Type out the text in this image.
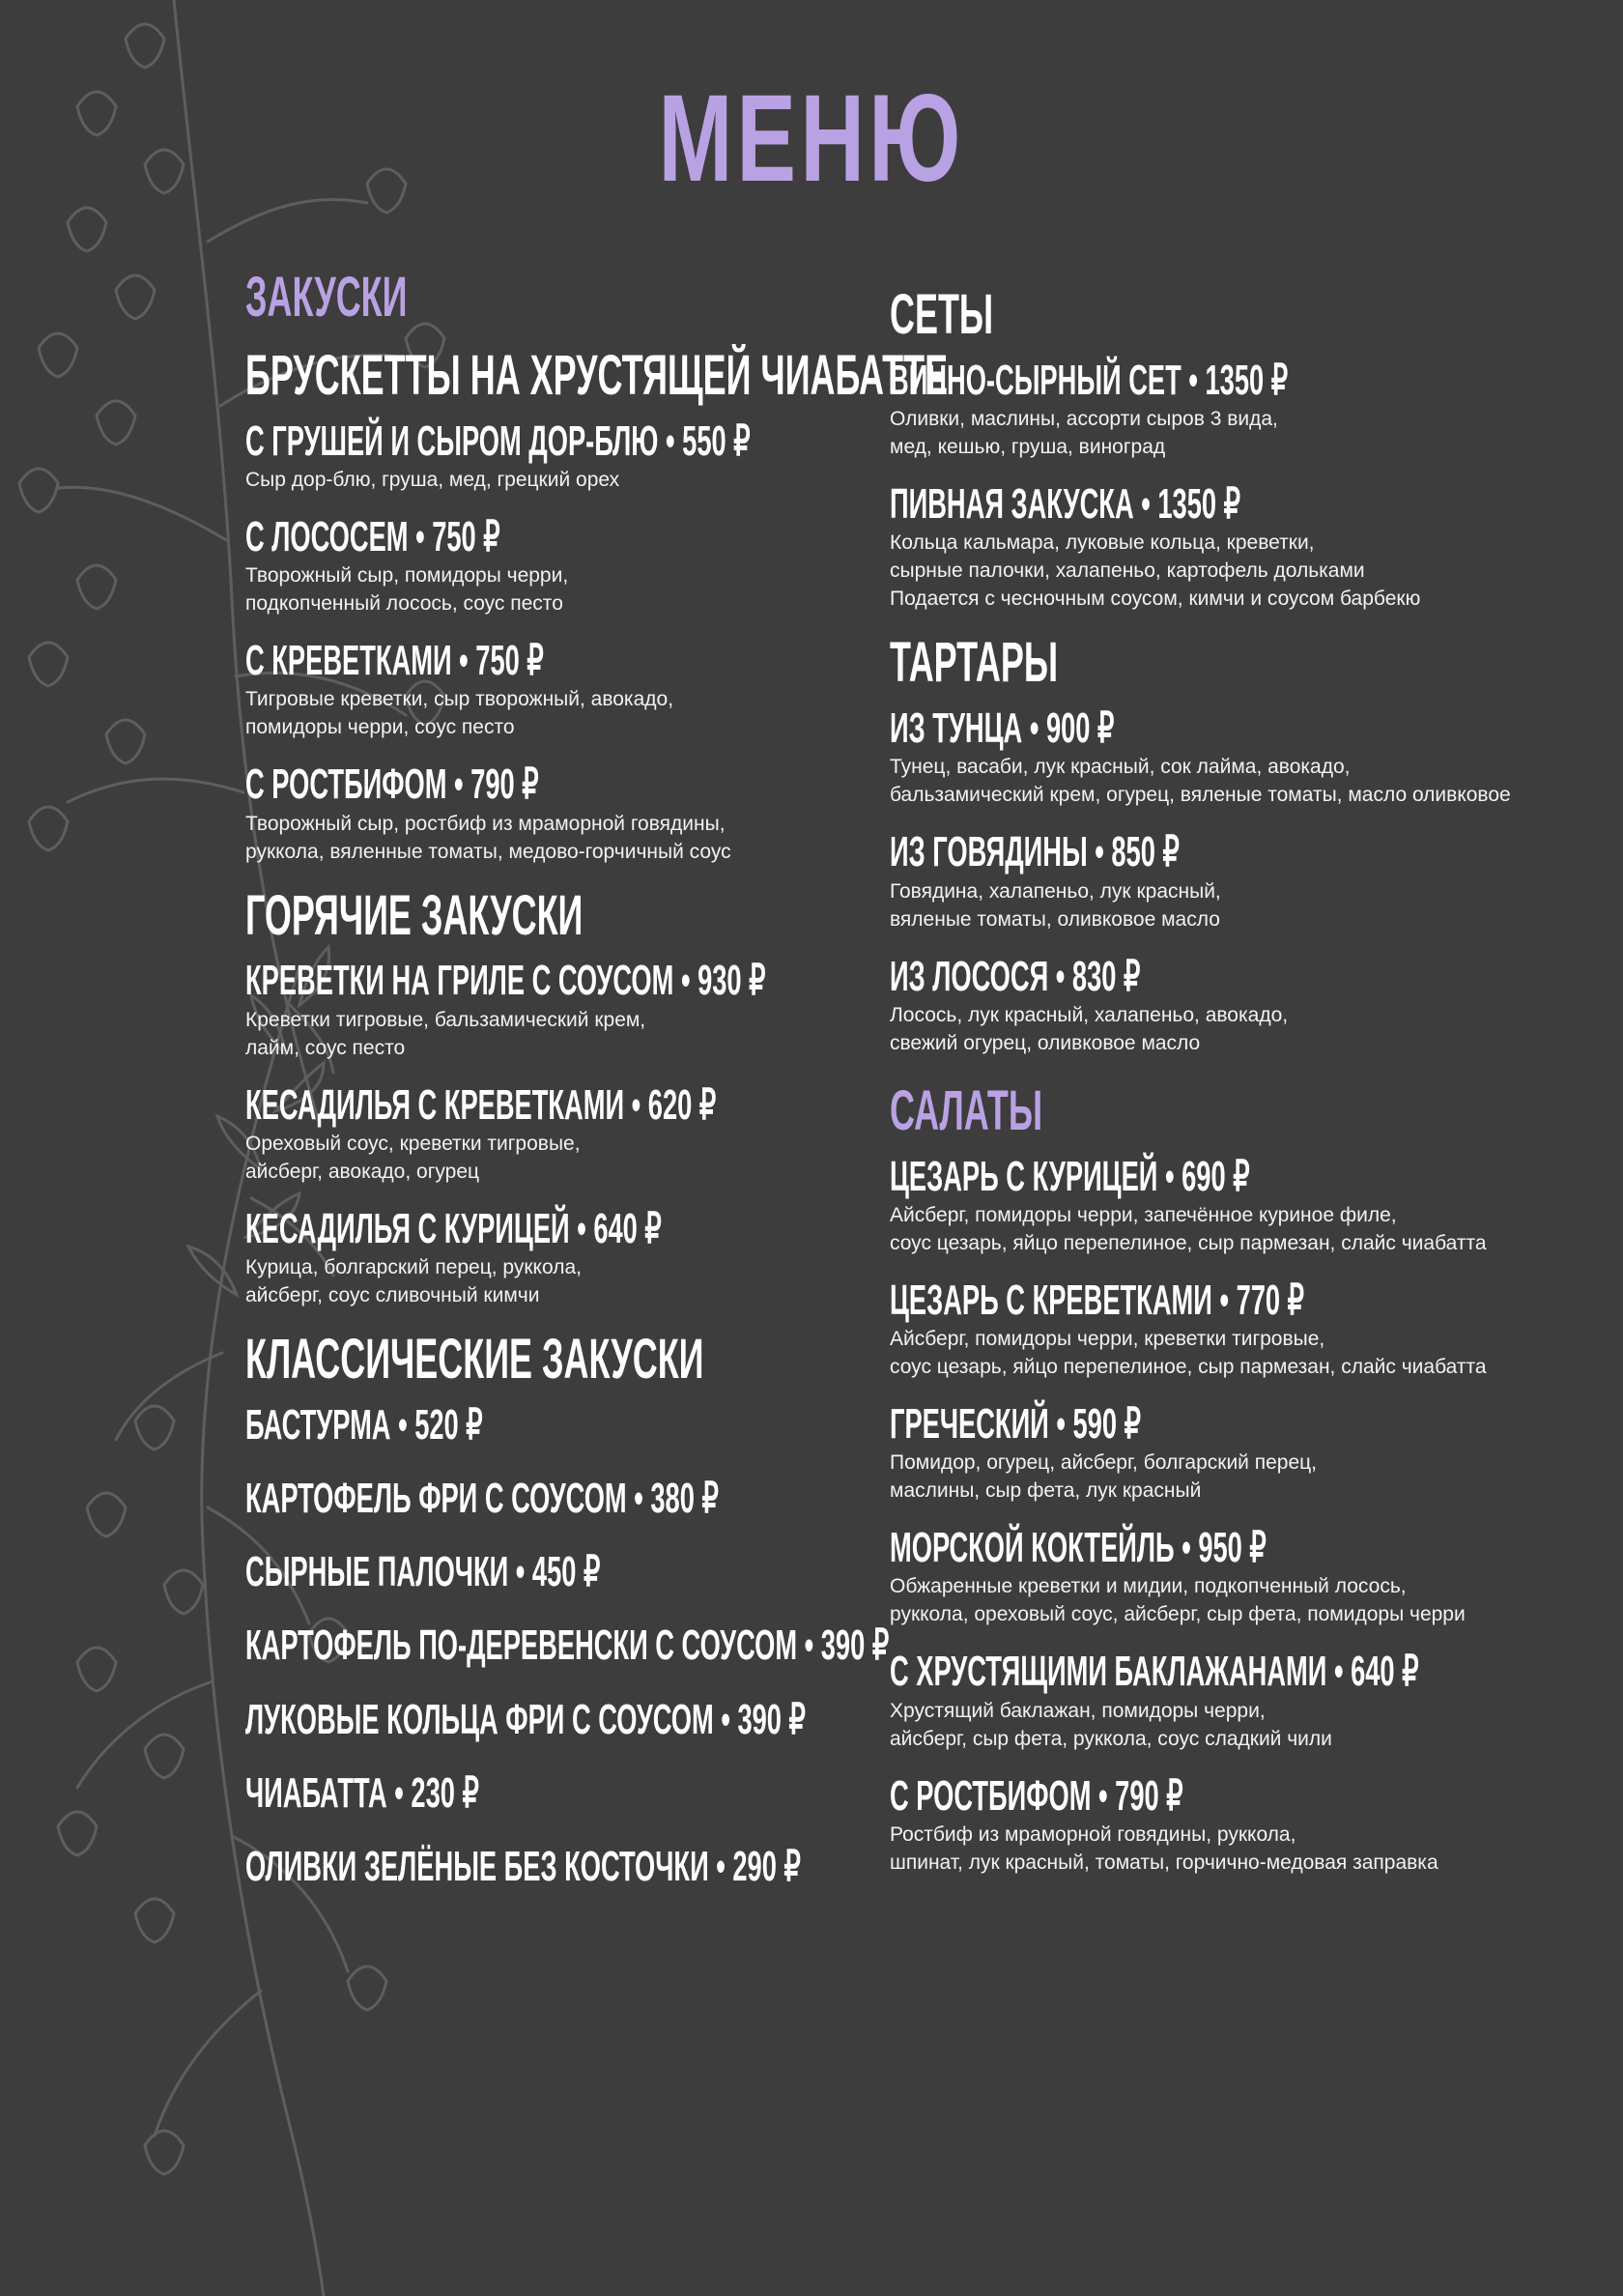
МЕНЮ
ЗАКУСКИ
БРУСКЕТТЫ НА ХРУСТЯЩЕЙ ЧИАБАТТЕ
С ГРУШЕЙ И СЫРОМ ДОР-БЛЮ • 550 ₽
Сыр дор-блю, груша, мед, грецкий орех
С ЛОСОСЕМ • 750 ₽
Творожный сыр, помидоры черри,
подкопченный лосось, соус песто
С КРЕВЕТКАМИ • 750 ₽
Тигровые креветки, сыр творожный, авокадо,
помидоры черри, соус песто
С РОСТБИФОМ • 790 ₽
Творожный сыр, ростбиф из мраморной говядины,
руккола, вяленные томаты, медово-горчичный соус
ГОРЯЧИЕ ЗАКУСКИ
КРЕВЕТКИ НА ГРИЛЕ С СОУСОМ • 930 ₽
Креветки тигровые, бальзамический крем,
лайм, соус песто
КЕСАДИЛЬЯ С КРЕВЕТКАМИ • 620 ₽
Ореховый соус, креветки тигровые,
айсберг, авокадо, огурец
КЕСАДИЛЬЯ С КУРИЦЕЙ • 640 ₽
Курица, болгарский перец, руккола,
айсберг, соус сливочный кимчи
КЛАССИЧЕСКИЕ ЗАКУСКИ
БАСТУРМА • 520 ₽
КАРТОФЕЛЬ ФРИ С СОУСОМ • 380 ₽
СЫРНЫЕ ПАЛОЧКИ • 450 ₽
КАРТОФЕЛЬ ПО-ДЕРЕВЕНСКИ С СОУСОМ • 390 ₽
ЛУКОВЫЕ КОЛЬЦА ФРИ С СОУСОМ • 390 ₽
ЧИАБАТТА • 230 ₽
ОЛИВКИ ЗЕЛЁНЫЕ БЕЗ КОСТОЧКИ • 290 ₽
СЕТЫ
ВИННО-СЫРНЫЙ СЕТ • 1350 ₽
Оливки, маслины, ассорти сыров 3 вида,
мед, кешью, груша, виноград
ПИВНАЯ ЗАКУСКА • 1350 ₽
Кольца кальмара, луковые кольца, креветки,
сырные палочки, халапеньо, картофель дольками
Подается с чесночным соусом, кимчи и соусом барбекю
ТАРТАРЫ
ИЗ ТУНЦА • 900 ₽
Тунец, васаби, лук красный, сок лайма, авокадо,
бальзамический крем, огурец, вяленые томаты, масло оливковое
ИЗ ГОВЯДИНЫ • 850 ₽
Говядина, халапеньо, лук красный,
вяленые томаты, оливковое масло
ИЗ ЛОСОСЯ • 830 ₽
Лосось, лук красный, халапеньо, авокадо,
свежий огурец, оливковое масло
САЛАТЫ
ЦЕЗАРЬ С КУРИЦЕЙ • 690 ₽
Айсберг, помидоры черри, запечённое куриное филе,
соус цезарь, яйцо перепелиное, сыр пармезан, слайс чиабатта
ЦЕЗАРЬ С КРЕВЕТКАМИ • 770 ₽
Айсберг, помидоры черри, креветки тигровые,
соус цезарь, яйцо перепелиное, сыр пармезан, слайс чиабатта
ГРЕЧЕСКИЙ • 590 ₽
Помидор, огурец, айсберг, болгарский перец,
маслины, сыр фета, лук красный
МОРСКОЙ КОКТЕЙЛЬ • 950 ₽
Обжаренные креветки и мидии, подкопченный лосось,
руккола, ореховый соус, айсберг, сыр фета, помидоры черри
С ХРУСТЯЩИМИ БАКЛАЖАНАМИ • 640 ₽
Хрустящий баклажан, помидоры черри,
айсберг, сыр фета, руккола, соус сладкий чили
С РОСТБИФОМ • 790 ₽
Ростбиф из мраморной говядины, руккола,
шпинат, лук красный, томаты, горчично-медовая заправка
